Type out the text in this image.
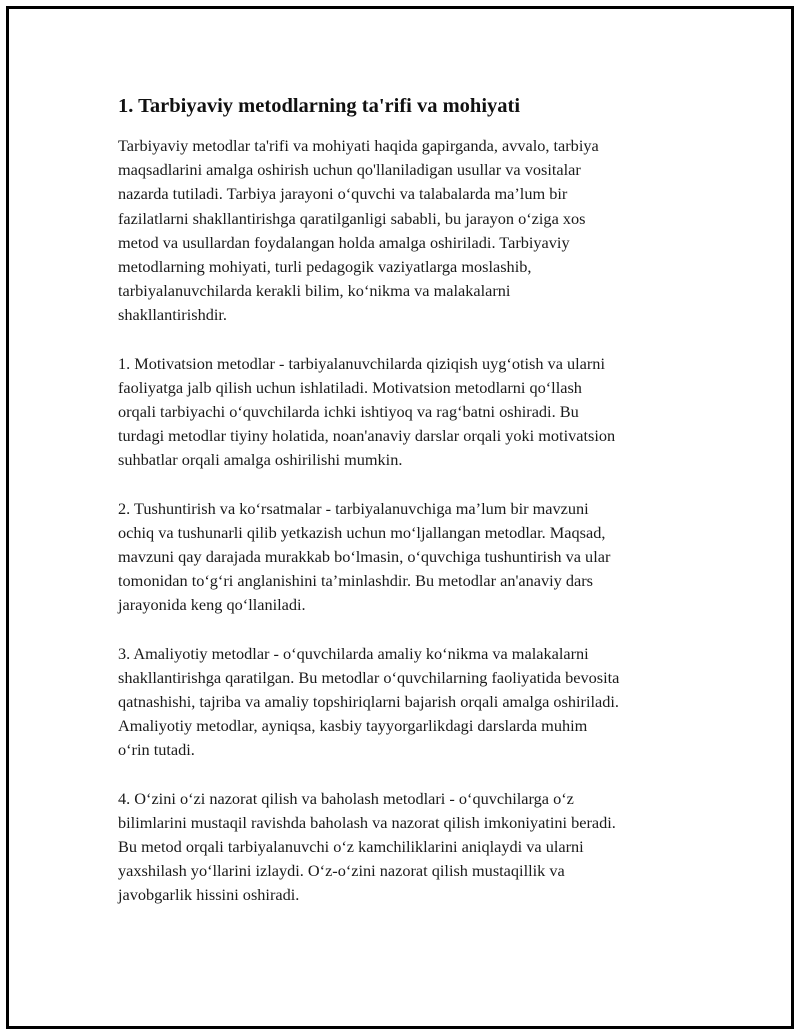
1. Tarbiyaviy metodlarning ta'rifi va mohiyati

Tarbiyaviy metodlar ta'rifi va mohiyati haqida gapirganda, avvalo, tarbiya
maqsadlarini amalga oshirish uchun qo'llaniladigan usullar va vositalar
nazarda tutiladi. Tarbiya jarayoni o‘quvchi va talabalarda ma’lum bir
fazilatlarni shakllantirishga qaratilganligi sababli, bu jarayon o‘ziga xos
metod va usullardan foydalangan holda amalga oshiriladi. Tarbiyaviy
metodlarning mohiyati, turli pedagogik vaziyatlarga moslashib,
tarbiyalanuvchilarda kerakli bilim, ko‘nikma va malakalarni
shakllantirishdir.

1. Motivatsion metodlar - tarbiyalanuvchilarda qiziqish uyg‘otish va ularni
faoliyatga jalb qilish uchun ishlatiladi. Motivatsion metodlarni qo‘llash
orqali tarbiyachi o‘quvchilarda ichki ishtiyoq va rag‘batni oshiradi. Bu
turdagi metodlar tiyiny holatida, noan'anaviy darslar orqali yoki motivatsion
suhbatlar orqali amalga oshirilishi mumkin.

2. Tushuntirish va ko‘rsatmalar - tarbiyalanuvchiga ma’lum bir mavzuni
ochiq va tushunarli qilib yetkazish uchun mo‘ljallangan metodlar. Maqsad,
mavzuni qay darajada murakkab bo‘lmasin, o‘quvchiga tushuntirish va ular
tomonidan to‘g‘ri anglanishini ta’minlashdir. Bu metodlar an'anaviy dars
jarayonida keng qo‘llaniladi.

3. Amaliyotiy metodlar - o‘quvchilarda amaliy ko‘nikma va malakalarni
shakllantirishga qaratilgan. Bu metodlar o‘quvchilarning faoliyatida bevosita
qatnashishi, tajriba va amaliy topshiriqlarni bajarish orqali amalga oshiriladi.
Amaliyotiy metodlar, ayniqsa, kasbiy tayyorgarlikdagi darslarda muhim
o‘rin tutadi.

4. O‘zini o‘zi nazorat qilish va baholash metodlari - o‘quvchilarga o‘z
bilimlarini mustaqil ravishda baholash va nazorat qilish imkoniyatini beradi.
Bu metod orqali tarbiyalanuvchi o‘z kamchiliklarini aniqlaydi va ularni
yaxshilash yo‘llarini izlaydi. O‘z-o‘zini nazorat qilish mustaqillik va
javobgarlik hissini oshiradi.
